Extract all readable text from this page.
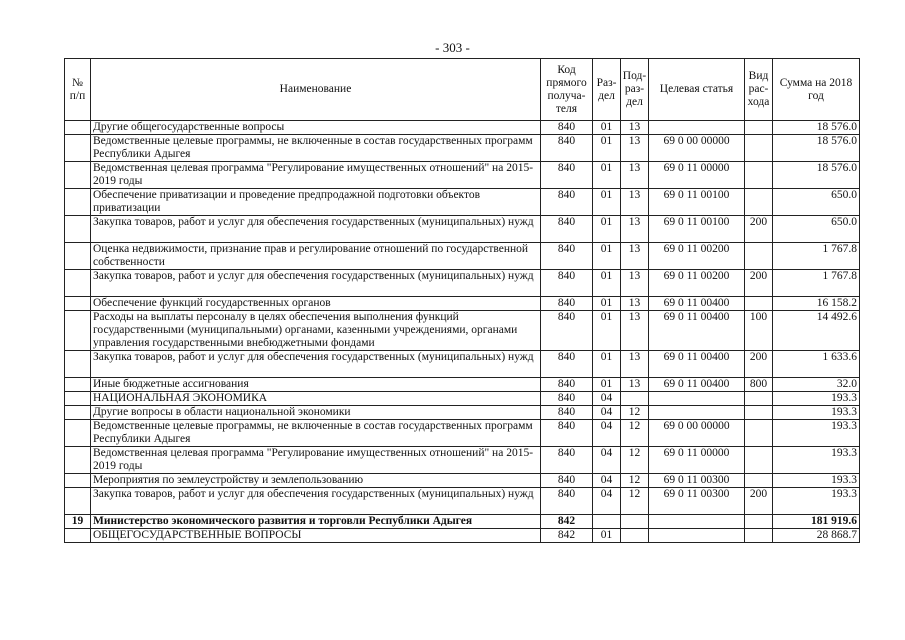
- 303 -
№ п/п	Наименование	Код прямого получа-теля	Раз-дел	Под-раз-дел	Целевая статья	Вид рас-хода	Сумма на 2018 год
	Другие общегосударственные вопросы	840	01	13			18 576.0
	Ведомственные целевые программы, не включенные в состав государственных программ Республики Адыгея	840	01	13	69 0 00 00000		18 576.0
	Ведомственная целевая программа "Регулирование имущественных отношений" на 2015-2019 годы	840	01	13	69 0 11 00000		18 576.0
	Обеспечение приватизации и проведение предпродажной подготовки объектов приватизации	840	01	13	69 0 11 00100		650.0
	Закупка товаров, работ и услуг для обеспечения государственных (муниципальных) нужд	840	01	13	69 0 11 00100	200	650.0
	Оценка недвижимости, признание прав и регулирование отношений по государственной собственности	840	01	13	69 0 11 00200		1 767.8
	Закупка товаров, работ и услуг для обеспечения государственных (муниципальных) нужд	840	01	13	69 0 11 00200	200	1 767.8
	Обеспечение функций государственных органов	840	01	13	69 0 11 00400		16 158.2
	Расходы на выплаты персоналу в целях обеспечения выполнения функций государственными (муниципальными) органами, казенными учреждениями, органами управления государственными внебюджетными фондами	840	01	13	69 0 11 00400	100	14 492.6
	Закупка товаров, работ и услуг для обеспечения государственных (муниципальных) нужд	840	01	13	69 0 11 00400	200	1 633.6
	Иные бюджетные ассигнования	840	01	13	69 0 11 00400	800	32.0
	НАЦИОНАЛЬНАЯ ЭКОНОМИКА	840	04				193.3
	Другие вопросы в области национальной экономики	840	04	12			193.3
	Ведомственные целевые программы, не включенные в состав государственных программ Республики Адыгея	840	04	12	69 0 00 00000		193.3
	Ведомственная целевая программа "Регулирование имущественных отношений" на 2015-2019 годы	840	04	12	69 0 11 00000		193.3
	Мероприятия по землеустройству и землепользованию	840	04	12	69 0 11 00300		193.3
	Закупка товаров, работ и услуг для обеспечения государственных (муниципальных) нужд	840	04	12	69 0 11 00300	200	193.3
19	Министерство экономического развития и торговли Республики Адыгея	842					181 919.6
	ОБЩЕГОСУДАРСТВЕННЫЕ ВОПРОСЫ	842	01				28 868.7
